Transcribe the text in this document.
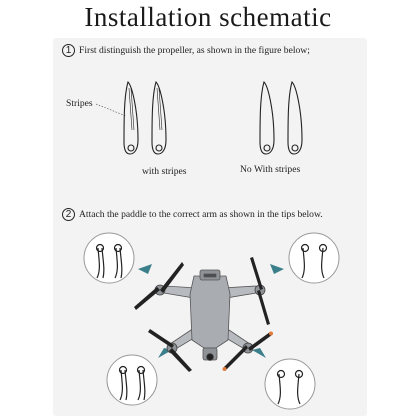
Installation schematic
1 First distinguish the propeller, as shown in the figure below;
Stripes
with stripes	No With stripes
2 Attach the paddle to the correct arm as shown in the tips below.
